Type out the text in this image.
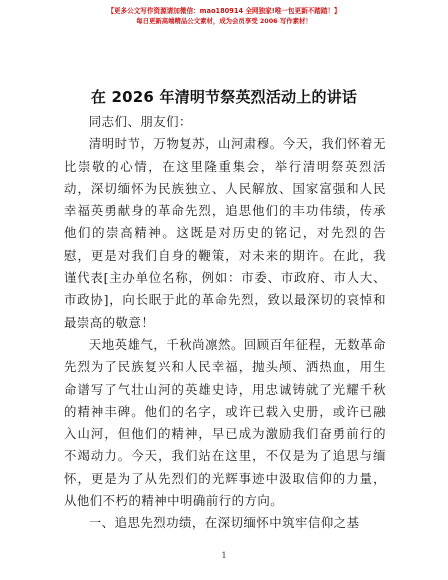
【更多公文写作资源请加微信：mao180914 全网独家!唯一包更新不踏踏！】
每日更新高端精品公文素材，成为会员享受 2006 写作素材！
在 2026 年清明节祭英烈活动上的讲话

同志们、朋友们：

清明时节，万物复苏，山河肃穆。今天，我们怀着无比崇敬的心情，在这里隆重集会，举行清明祭英烈活动，深切缅怀为民族独立、人民解放、国家富强和人民幸福英勇献身的革命先烈，追思他们的丰功伟绩，传承他们的崇高精神。这既是对历史的铭记，对先烈的告慰，更是对我们自身的鞭策，对未来的期许。在此，我谨代表[主办单位名称，例如：市委、市政府、市人大、市政协]，向长眠于此的革命先烈，致以最深切的哀悼和最崇高的敬意！

天地英雄气，千秋尚凛然。回顾百年征程，无数革命先烈为了民族复兴和人民幸福，抛头颅、洒热血，用生命谱写了气壮山河的英雄史诗，用忠诚铸就了光耀千秋的精神丰碑。他们的名字，或许已载入史册，或许已融入山河，但他们的精神，早已成为激励我们奋勇前行的不竭动力。今天，我们站在这里，不仅是为了追思与缅怀，更是为了从先烈们的光辉事迹中汲取信仰的力量，从他们不朽的精神中明确前行的方向。

一、追思先烈功绩，在深切缅怀中筑牢信仰之基

1
